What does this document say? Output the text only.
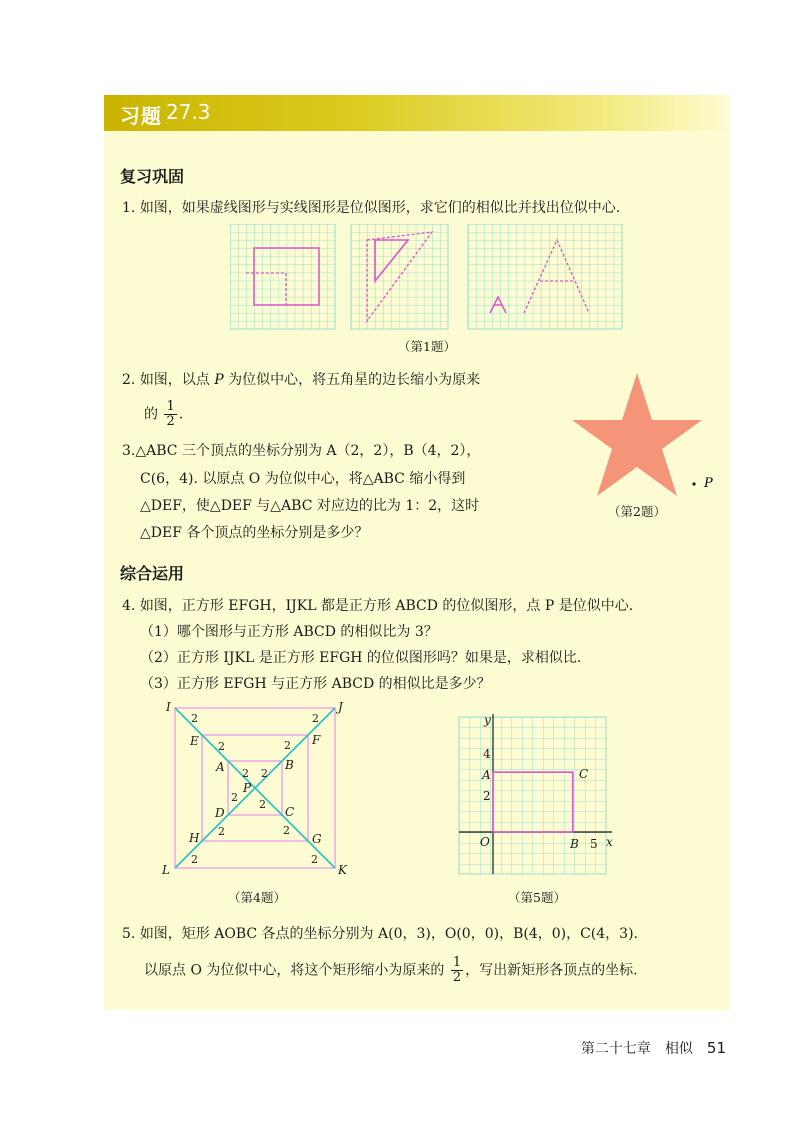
习题 27.3
复习巩固
1. 如图，如果虚线图形与实线图形是位似图形，求它们的相似比并找出位似中心.
（第1题）
2. 如图，以点 P 为位似中心，将五角星的边长缩小为原来
的 $\frac{1}{2}$ .
P
（第2题）
3.△ABC 三个顶点的坐标分别为 A（2，2），B（4，2），
C(6，4). 以原点 O 为位似中心，将△ABC 缩小得到
△DEF，使△DEF 与△ABC 对应边的比为 1：2，这时
△DEF 各个顶点的坐标分别是多少？
综合运用
4. 如图，正方形 EFGH，IJKL 都是正方形 ABCD 的位似图形，点 P 是位似中心.
（1）哪个图形与正方形 ABCD 的相似比为 3？
（2）正方形 IJKL 是正方形 EFGH 的位似图形吗？如果是，求相似比.
（3）正方形 EFGH 与正方形 ABCD 的相似比是多少？
I	J
K
L
E	F
G
H
A	B
C
D
P
2	2
2	2
2 2
2
2
2
2
2	2
（第4题）
x
y
O	5
2
4
A
B
C
（第5题）
5. 如图，矩形 AOBC 各点的坐标分别为 A(0，3)，O(0，0)，B(4，0)，C(4，3).
以原点 O 为位似中心，将这个矩形缩小为原来的 $\frac{1}{2}$ ，写出新矩形各顶点的坐标.
第二十七章　相似 51
